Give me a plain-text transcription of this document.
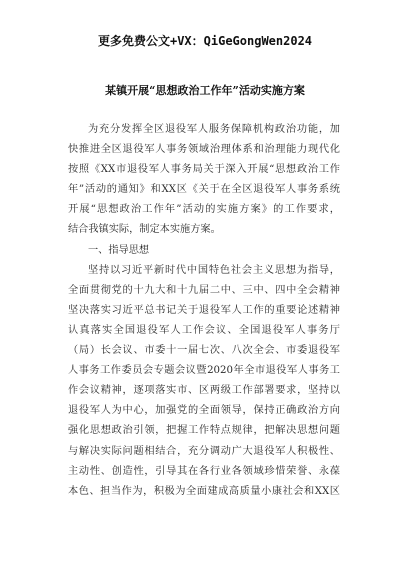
更多免费公文+VX：QiGeGongWen2024
某镇开展“思想政治工作年”活动实施方案
为充分发挥全区退役军人服务保障机构政治功能，加
快推进全区退役军人事务领域治理体系和治理能力现代化
按照《XX市退役军人事务局关于深入开展“思想政治工作
年”活动的通知》和XX区《关于在全区退役军人事务系统
开展“思想政治工作年”活动的实施方案》的工作要求，
结合我镇实际，制定本实施方案。
一、指导思想
坚持以习近平新时代中国特色社会主义思想为指导，
全面贯彻党的十九大和十九届二中、三中、四中全会精神
坚决落实习近平总书记关于退役军人工作的重要论述精神
认真落实全国退役军人工作会议、全国退役军人事务厅
（局）长会议、市委十一届七次、八次全会、市委退役军
人事务工作委员会专题会议暨2020年全市退役军人事务工
作会议精神，逐项落实市、区两级工作部署要求，坚持以
退役军人为中心，加强党的全面领导，保持正确政治方向
强化思想政治引领，把握工作特点规律，把解决思想问题
与解决实际问题相结合，充分调动广大退役军人积极性、
主动性、创造性，引导其在各行业各领域珍惜荣誉、永葆
本色、担当作为，积极为全面建成高质量小康社会和XX区
